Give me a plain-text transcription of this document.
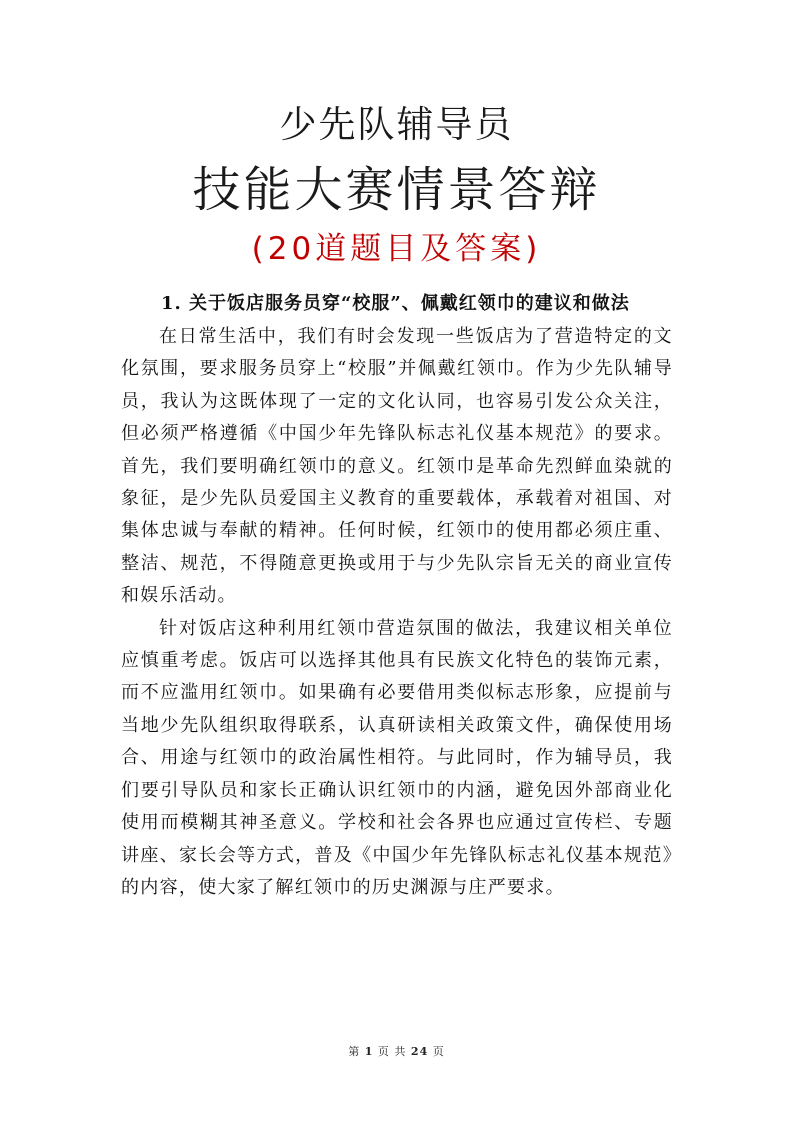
少先队辅导员
技能大赛情景答辩
(20道题目及答案)

1. 关于饭店服务员穿“校服”、佩戴红领巾的建议和做法

在日常生活中，我们有时会发现一些饭店为了营造特定的文化氛围，要求服务员穿上“校服”并佩戴红领巾。作为少先队辅导员，我认为这既体现了一定的文化认同，也容易引发公众关注，但必须严格遵循《中国少年先锋队标志礼仪基本规范》的要求。首先，我们要明确红领巾的意义。红领巾是革命先烈鲜血染就的象征，是少先队员爱国主义教育的重要载体，承载着对祖国、对集体忠诚与奉献的精神。任何时候，红领巾的使用都必须庄重、整洁、规范，不得随意更换或用于与少先队宗旨无关的商业宣传和娱乐活动。

针对饭店这种利用红领巾营造氛围的做法，我建议相关单位应慎重考虑。饭店可以选择其他具有民族文化特色的装饰元素，而不应滥用红领巾。如果确有必要借用类似标志形象，应提前与当地少先队组织取得联系，认真研读相关政策文件，确保使用场合、用途与红领巾的政治属性相符。与此同时，作为辅导员，我们要引导队员和家长正确认识红领巾的内涵，避免因外部商业化使用而模糊其神圣意义。学校和社会各界也应通过宣传栏、专题讲座、家长会等方式，普及《中国少年先锋队标志礼仪基本规范》的内容，使大家了解红领巾的历史渊源与庄严要求。

第 1 页 共 24 页
